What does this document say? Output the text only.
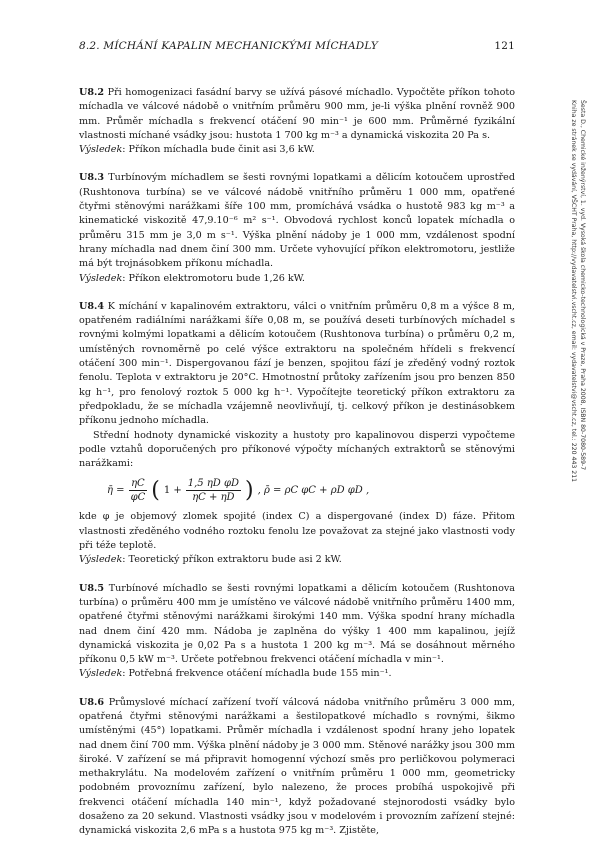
8.2. MÍCHÁNÍ KAPALIN MECHANICKÝMI MÍCHADLY	121
Šesta D., Chemické inženýrství, 1. vyd. Vysoká škola chemicko-technologická v Praze, Praha 2008, ISBN 80-7080-589-7
Kniha ze stránek se vydávání, VŠCHT Praha, http://vydavatelstvi.vscht.cz, email: vydavatelstvi@vscht.cz, tel.: 220 443 211

U8.2 Při homogenizaci fasádní barvy se užívá pásové míchadlo. Vypočtěte příkon tohoto míchadla ve válcové nádobě o vnitřním průměru 900 mm, je-li výška plnění rovněž 900 mm. Průměr míchadla s frekvencí otáčení 90 min⁻¹ je 600 mm. Průměrné fyzikální vlastnosti míchané vsádky jsou: hustota 1 700 kg m⁻³ a dynamická viskozita 20 Pa s.

Výsledek: Příkon míchadla bude činit asi 3,6 kW.

U8.3 Turbínovým míchadlem se šesti rovnými lopatkami a dělicím kotoučem uprostřed (Rushtonova turbína) se ve válcové nádobě vnitřního průměru 1 000 mm, opatřené čtyřmi stěnovými narážkami šíře 100 mm, promíchává vsádka o hustotě 983 kg m⁻³ a kinematické viskozitě 47,9.10⁻⁶ m² s⁻¹. Obvodová rychlost konců lopatek míchadla o průměru 315 mm je 3,0 m s⁻¹. Výška plnění nádoby je 1 000 mm, vzdálenost spodní hrany míchadla nad dnem činí 300 mm. Určete vyhovující příkon elektromotoru, jestliže má být trojnásobkem příkonu míchadla.

Výsledek: Příkon elektromotoru bude 1,26 kW.

U8.4 K míchání v kapalinovém extraktoru, válci o vnitřním průměru 0,8 m a výšce 8 m, opatřeném radiálními narážkami šíře 0,08 m, se používá deseti turbínových míchadel s rovnými kolmými lopatkami a dělicím kotoučem (Rushtonova turbína) o průměru 0,2 m, umístěných rovnoměrně po celé výšce extraktoru na společném hřídeli s frekvencí otáčení 300 min⁻¹. Dispergovanou fází je benzen, spojitou fází je zředěný vodný roztok fenolu. Teplota v extraktoru je 20°C. Hmotnostní průtoky zařízením jsou pro benzen 850 kg h⁻¹, pro fenolový roztok 5 000 kg h⁻¹. Vypočítejte teoretický příkon extraktoru za předpokladu, že se míchadla vzájemně neovlivňují, tj. celkový příkon je destinásobkem příkonu jednoho míchadla.

Střední hodnoty dynamické viskozity a hustoty pro kapalinovou disperzi vypočteme podle vztahů doporučených pro příkonové výpočty míchaných extraktorů se stěnovými narážkami:

η̄ = $\frac{\eta C}{\varphi C}$ ( $1 + \frac{\text{1,5 ηD φD}}{\eta C + \eta D}$ ) , ρ̄ = ρC φC + ρD φD ,

kde φ je objemový zlomek spojité (index C) a dispergované (index D) fáze. Přitom vlastnosti zředěného vodného roztoku fenolu lze považovat za stejné jako vlastnosti vody při téže teplotě.

Výsledek: Teoretický příkon extraktoru bude asi 2 kW.

U8.5 Turbínové míchadlo se šesti rovnými lopatkami a dělicím kotoučem (Rushtonova turbína) o průměru 400 mm je umístěno ve válcové nádobě vnitřního průměru 1400 mm, opatřené čtyřmi stěnovými narážkami širokými 140 mm. Výška spodní hrany míchadla nad dnem činí 420 mm. Nádoba je zaplněna do výšky 1 400 mm kapalinou, jejíž dynamická viskozita je 0,02 Pa s a hustota 1 200 kg m⁻³. Má se dosáhnout měrného příkonu 0,5 kW m⁻³. Určete potřebnou frekvenci otáčení míchadla v min⁻¹.

Výsledek: Potřebná frekvence otáčení míchadla bude 155 min⁻¹.

U8.6 Průmyslové míchací zařízení tvoří válcová nádoba vnitřního průměru 3 000 mm, opatřená čtyřmi stěnovými narážkami a šestilopatkové míchadlo s rovnými, šikmo umístěnými (45°) lopatkami. Průměr míchadla i vzdálenost spodní hrany jeho lopatek nad dnem činí 700 mm. Výška plnění nádoby je 3 000 mm. Stěnové narážky jsou 300 mm široké. V zařízení se má připravit homogenní výchozí směs pro perličkovou polymeraci methakrylátu. Na modelovém zařízení o vnitřním průměru 1 000 mm, geometricky podobném provoznímu zařízení, bylo nalezeno, že proces probíhá uspokojivě při frekvenci otáčení míchadla 140 min⁻¹, když požadované stejnorodosti vsádky bylo dosaženo za 20 sekund. Vlastnosti vsádky jsou v modelovém i provozním zařízení stejné: dynamická viskozita 2,6 mPa s a hustota 975 kg m⁻³. Zjistěte,
